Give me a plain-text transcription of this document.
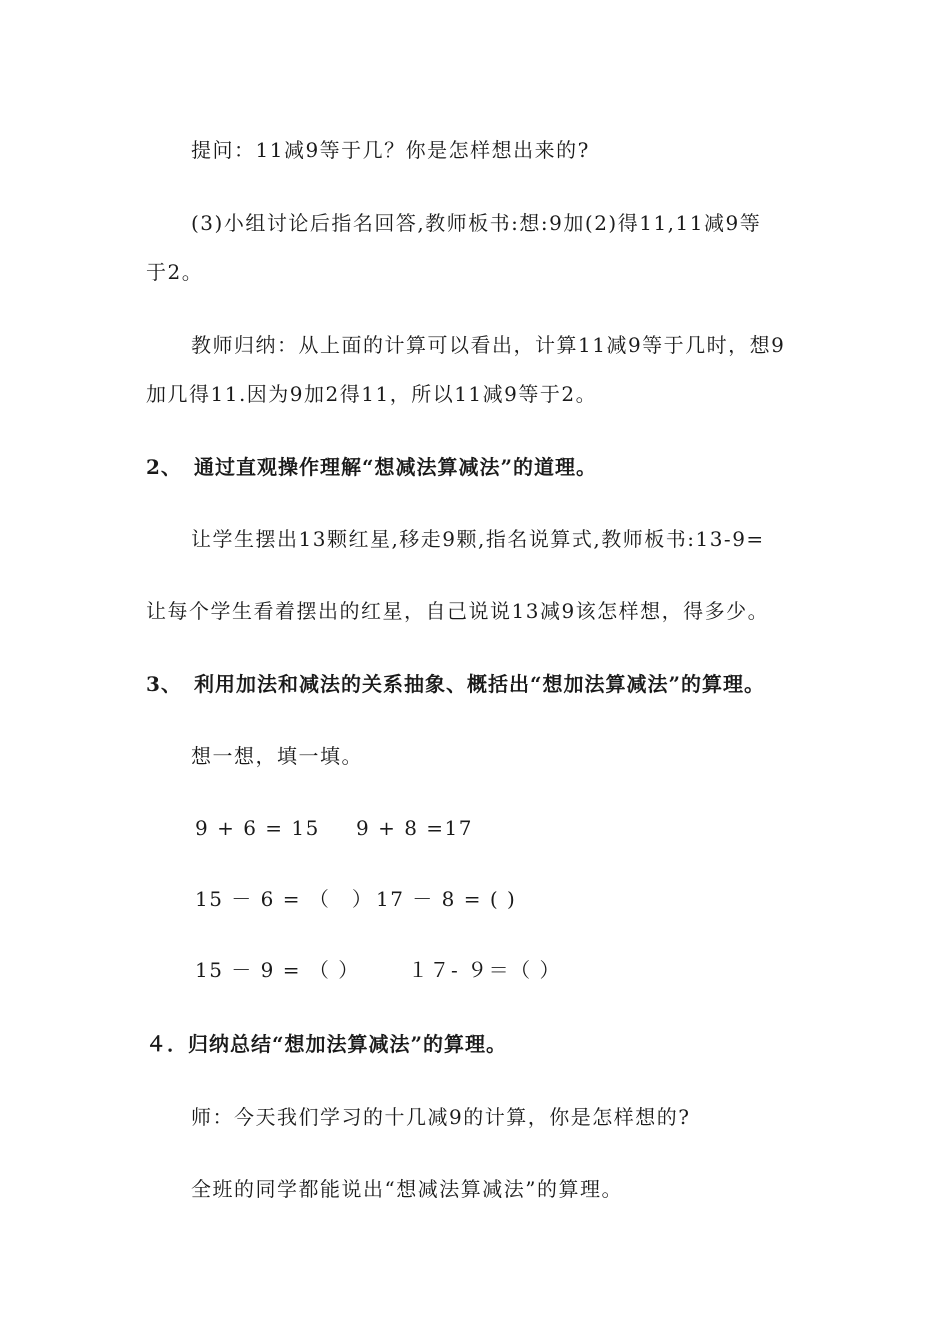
提问：11减9等于几？你是怎样想出来的?
(3)小组讨论后指名回答,教师板书:想:9加(2)得11,11减9等
于2。
教师归纳：从上面的计算可以看出，计算11减9等于几时，想9
加几得11.因为9加2得11，所以11减9等于2。
2、 通过直观操作理解“想减法算减法”的道理。
让学生摆出13颗红星,移走9颗,指名说算式,教师板书:13-9=
让每个学生看着摆出的红星，自己说说13减9该怎样想，得多少。
3、 利用加法和减法的关系抽象、概括出“想加法算减法”的算理。
想一想，填一填。
9 + 6 = 15 9 + 8 =17
15 － 6 = （　） 17 － 8 = ( )
15 － 9 = （ ） １７- ９＝（ ）
４．归纳总结“想加法算减法”的算理。
师：今天我们学习的十几减9的计算，你是怎样想的?
全班的同学都能说出“想减法算减法”的算理。
